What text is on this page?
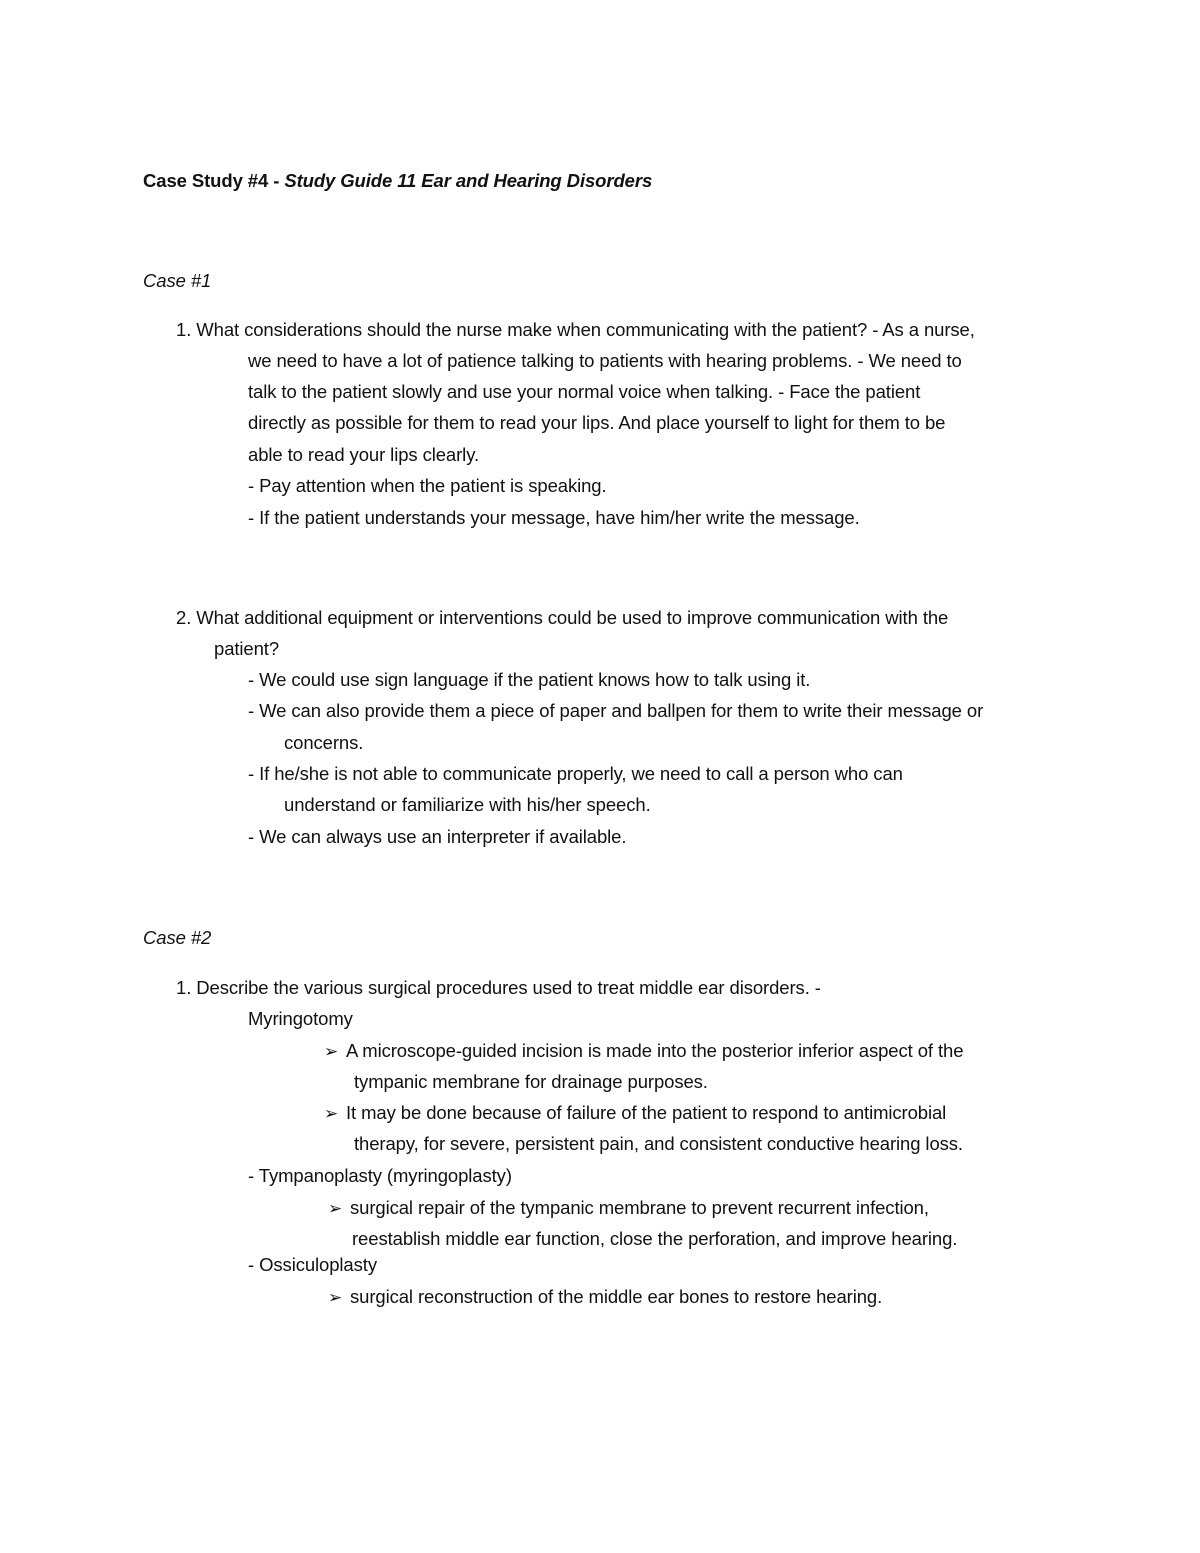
Case Study #4 - Study Guide 11 Ear and Hearing Disorders
Case #1
1. What considerations should the nurse make when communicating with the patient? - As a nurse,
we need to have a lot of patience talking to patients with hearing problems. - We need to
talk to the patient slowly and use your normal voice when talking. - Face the patient
directly as possible for them to read your lips. And place yourself to light for them to be
able to read your lips clearly.
- Pay attention when the patient is speaking.
- If the patient understands your message, have him/her write the message.
2. What additional equipment or interventions could be used to improve communication with the
patient?
- We could use sign language if the patient knows how to talk using it.
- We can also provide them a piece of paper and ballpen for them to write their message or
concerns.
- If he/she is not able to communicate properly, we need to call a person who can
understand or familiarize with his/her speech.
- We can always use an interpreter if available.
Case #2
1. Describe the various surgical procedures used to treat middle ear disorders. -
Myringotomy
➢ A microscope-guided incision is made into the posterior inferior aspect of the
tympanic membrane for drainage purposes.
➢ It may be done because of failure of the patient to respond to antimicrobial
therapy, for severe, persistent pain, and consistent conductive hearing loss.
- Tympanoplasty (myringoplasty)
➢ surgical repair of the tympanic membrane to prevent recurrent infection,
reestablish middle ear function, close the perforation, and improve hearing.
- Ossiculoplasty
➢ surgical reconstruction of the middle ear bones to restore hearing.
